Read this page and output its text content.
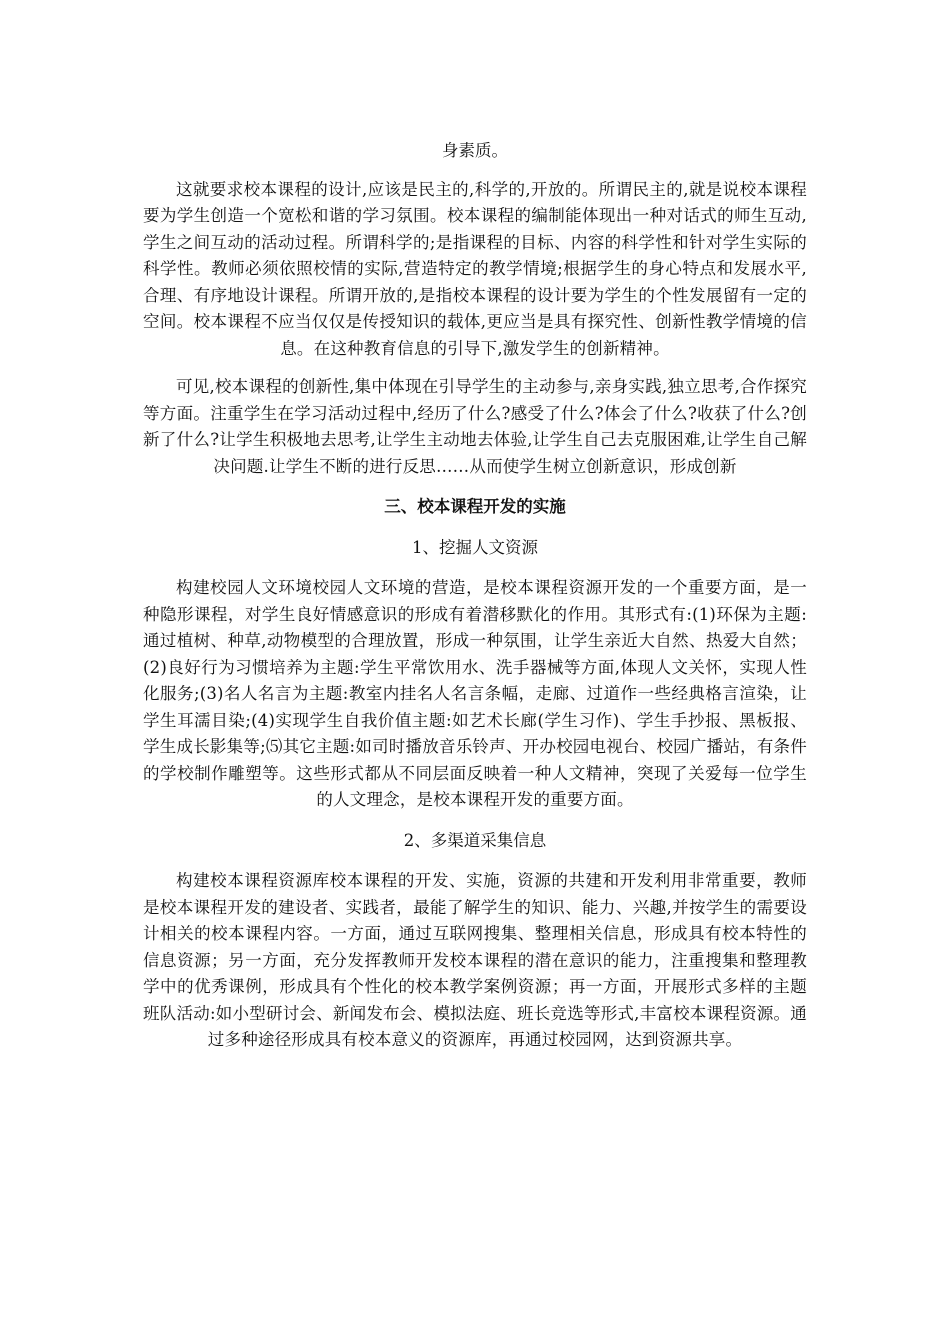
身素质。

这就要求校本课程的设计,应该是民主的,科学的,开放的。所谓民主的,就是说校本课程要为学生创造一个宽松和谐的学习氛围。校本课程的编制能体现出一种对话式的师生互动,学生之间互动的活动过程。所谓科学的;是指课程的目标、内容的科学性和针对学生实际的科学性。教师必须依照校情的实际,营造特定的教学情境;根据学生的身心特点和发展水平,合理、有序地设计课程。所谓开放的,是指校本课程的设计要为学生的个性发展留有一定的空间。校本课程不应当仅仅是传授知识的载体,更应当是具有探究性、创新性教学情境的信息。在这种教育信息的引导下,激发学生的创新精神。

可见,校本课程的创新性,集中体现在引导学生的主动参与,亲身实践,独立思考,合作探究等方面。注重学生在学习活动过程中,经历了什么?感受了什么?体会了什么?收获了什么?创新了什么?让学生积极地去思考,让学生主动地去体验,让学生自己去克服困难,让学生自己解决问题.让学生不断的进行反思……从而使学生树立创新意识，形成创新

三、校本课程开发的实施

1、挖掘人文资源

构建校园人文环境校园人文环境的营造，是校本课程资源开发的一个重要方面，是一种隐形课程，对学生良好情感意识的形成有着潜移默化的作用。其形式有:(1)环保为主题:通过植树、种草,动物模型的合理放置，形成一种氛围，让学生亲近大自然、热爱大自然；(2)良好行为习惯培养为主题:学生平常饮用水、洗手器械等方面,体现人文关怀，实现人性化服务;(3)名人名言为主题:教室内挂名人名言条幅，走廊、过道作一些经典格言渲染，让学生耳濡目染;(4)实现学生自我价值主题:如艺术长廊(学生习作)、学生手抄报、黑板报、学生成长影集等;⑸其它主题:如司时播放音乐铃声、开办校园电视台、校园广播站，有条件的学校制作雕塑等。这些形式都从不同层面反映着一种人文精神，突现了关爱每一位学生的人文理念，是校本课程开发的重要方面。

2、多渠道采集信息

构建校本课程资源库校本课程的开发、实施，资源的共建和开发利用非常重要，教师是校本课程开发的建设者、实践者，最能了解学生的知识、能力、兴趣,并按学生的需要设计相关的校本课程内容。一方面，通过互联网搜集、整理相关信息，形成具有校本特性的信息资源；另一方面，充分发挥教师开发校本课程的潜在意识的能力，注重搜集和整理教学中的优秀课例，形成具有个性化的校本教学案例资源；再一方面，开展形式多样的主题班队活动:如小型研讨会、新闻发布会、模拟法庭、班长竞选等形式,丰富校本课程资源。通过多种途径形成具有校本意义的资源库，再通过校园网，达到资源共享。
